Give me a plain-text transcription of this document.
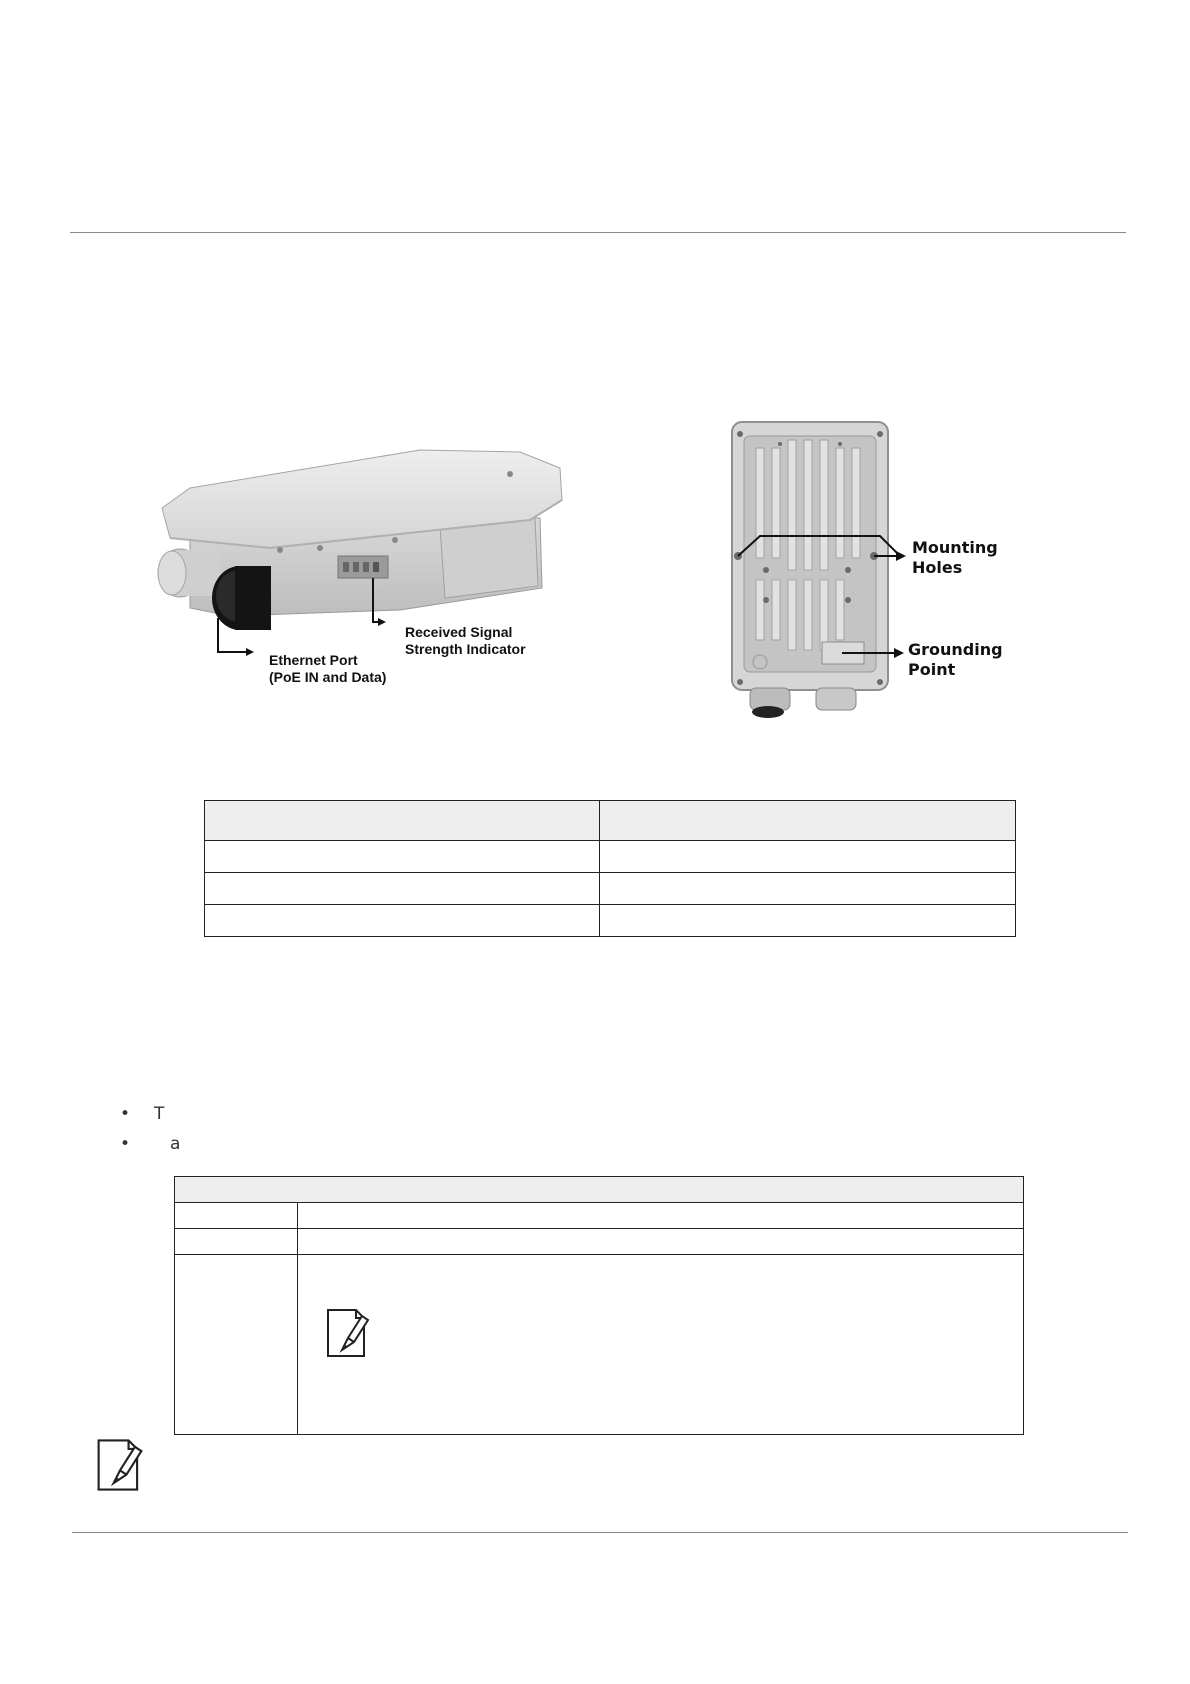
Received Signal
Strength Indicator
Ethernet Port
(PoE IN and Data)
Mounting
Holes
Grounding
Point

• T
• a
